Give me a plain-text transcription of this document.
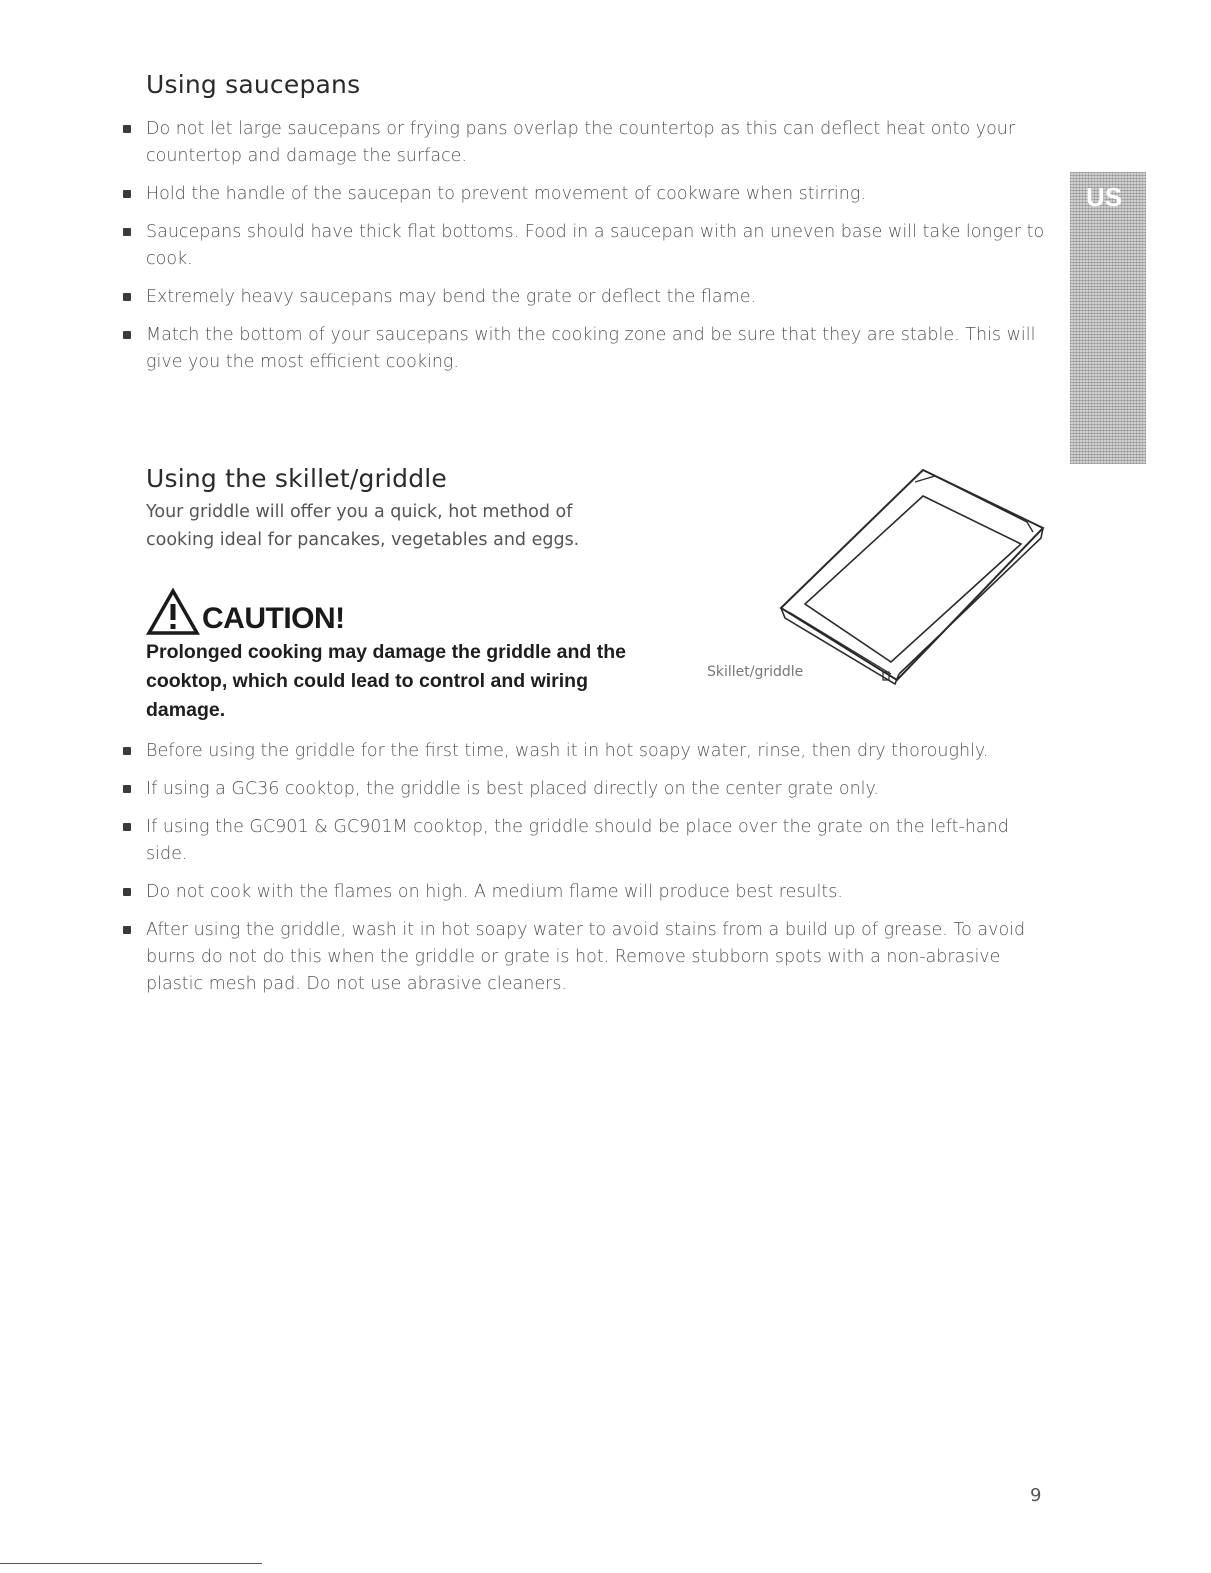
Using saucepans
Do not let large saucepans or frying pans overlap the countertop as this can deflect heat onto your countertop and damage the surface.
Hold the handle of the saucepan to prevent movement of cookware when stirring.
Saucepans should have thick flat bottoms. Food in a saucepan with an uneven base will take longer to cook.
Extremely heavy saucepans may bend the grate or deflect the flame.
Match the bottom of your saucepans with the cooking zone and be sure that they are stable. This will give you the most efficient cooking.
US
Using the skillet/griddle

Your griddle will offer you a quick, hot method of cooking ideal for pancakes, vegetables and eggs.

CAUTION!

Prolonged cooking may damage the griddle and the cooktop, which could lead to control and wiring damage.

Skillet/griddle
Before using the griddle for the first time, wash it in hot soapy water, rinse, then dry thoroughly.
If using a GC36 cooktop, the griddle is best placed directly on the center grate only.
If using the GC901 & GC901M cooktop, the griddle should be place over the grate on the left-hand side.
Do not cook with the flames on high. A medium flame will produce best results.
After using the griddle, wash it in hot soapy water to avoid stains from a build up of grease. To avoid burns do not do this when the griddle or grate is hot. Remove stubborn spots with a non-abrasive plastic mesh pad. Do not use abrasive cleaners.
9
